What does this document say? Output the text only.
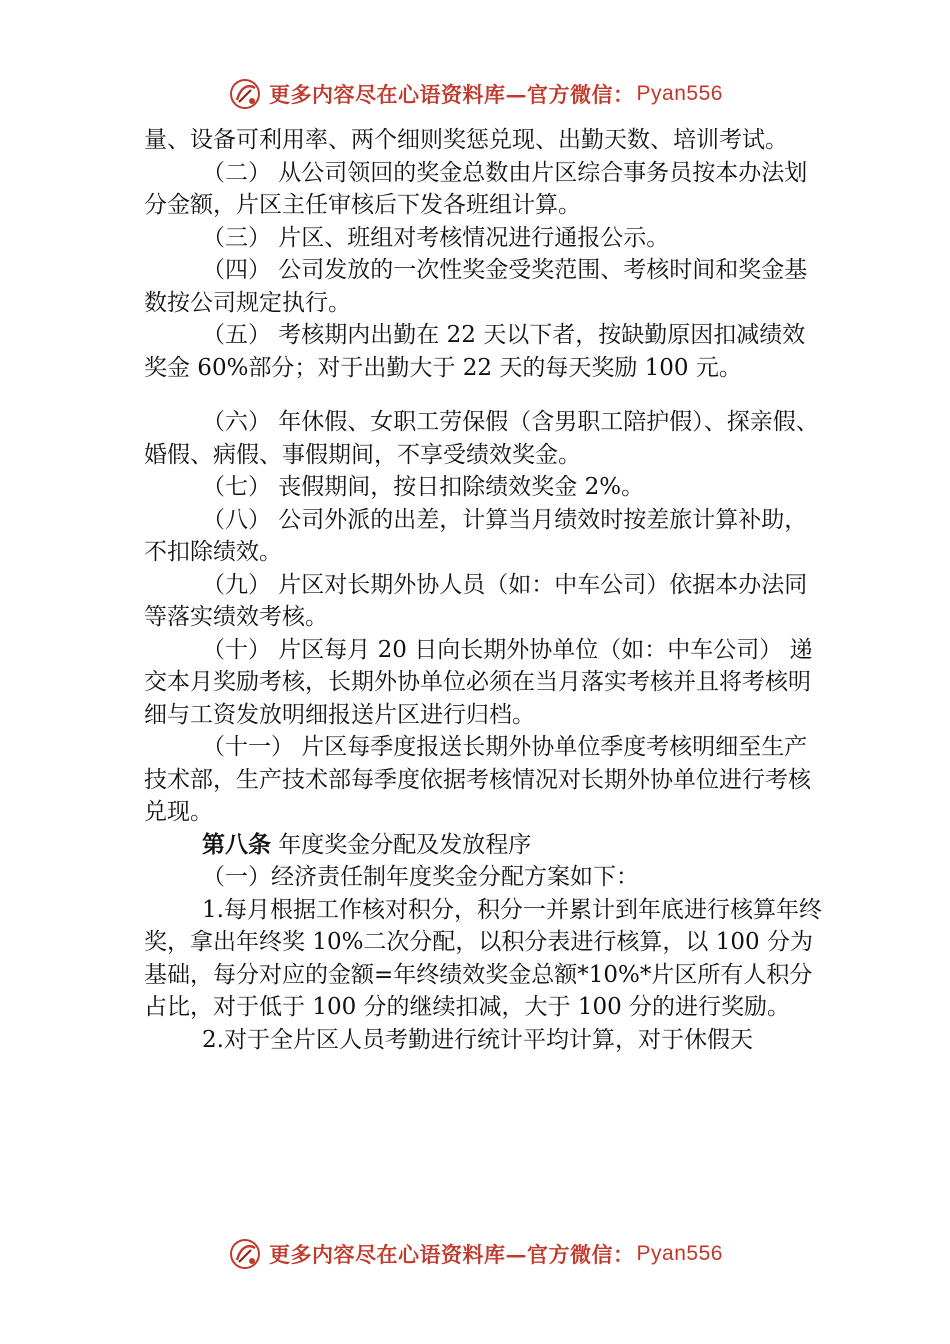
更多内容尽在心语资料库—官方微信： Pyan556

量、设备可利用率、两个细则奖惩兑现、出勤天数、培训考试。

（二） 从公司领回的奖金总数由片区综合事务员按本办法划分金额，片区主任审核后下发各班组计算。

（三） 片区、班组对考核情况进行通报公示。

（四） 公司发放的一次性奖金受奖范围、考核时间和奖金基数按公司规定执行。

（五） 考核期内出勤在 22 天以下者，按缺勤原因扣减绩效奖金 60%部分；对于出勤大于 22 天的每天奖励 100 元。

（六） 年休假、女职工劳保假（含男职工陪护假）、探亲假、婚假、病假、事假期间，不享受绩效奖金。

（七） 丧假期间，按日扣除绩效奖金 2%。

（八） 公司外派的出差，计算当月绩效时按差旅计算补助，不扣除绩效。

（九） 片区对长期外协人员（如：中车公司）依据本办法同等落实绩效考核。

（十） 片区每月 20 日向长期外协单位（如：中车公司） 递交本月奖励考核，长期外协单位必须在当月落实考核并且将考核明细与工资发放明细报送片区进行归档。

（十一） 片区每季度报送长期外协单位季度考核明细至生产技术部，生产技术部每季度依据考核情况对长期外协单位进行考核兑现。

第八条 年度奖金分配及发放程序

（一）经济责任制年度奖金分配方案如下：

1.每月根据工作核对积分，积分一并累计到年底进行核算年终奖，拿出年终奖 10%二次分配，以积分表进行核算，以 100 分为基础，每分对应的金额=年终绩效奖金总额*10%*片区所有人积分占比，对于低于 100 分的继续扣减，大于 100 分的进行奖励。

2.对于全片区人员考勤进行统计平均计算，对于休假天

更多内容尽在心语资料库—官方微信： Pyan556
